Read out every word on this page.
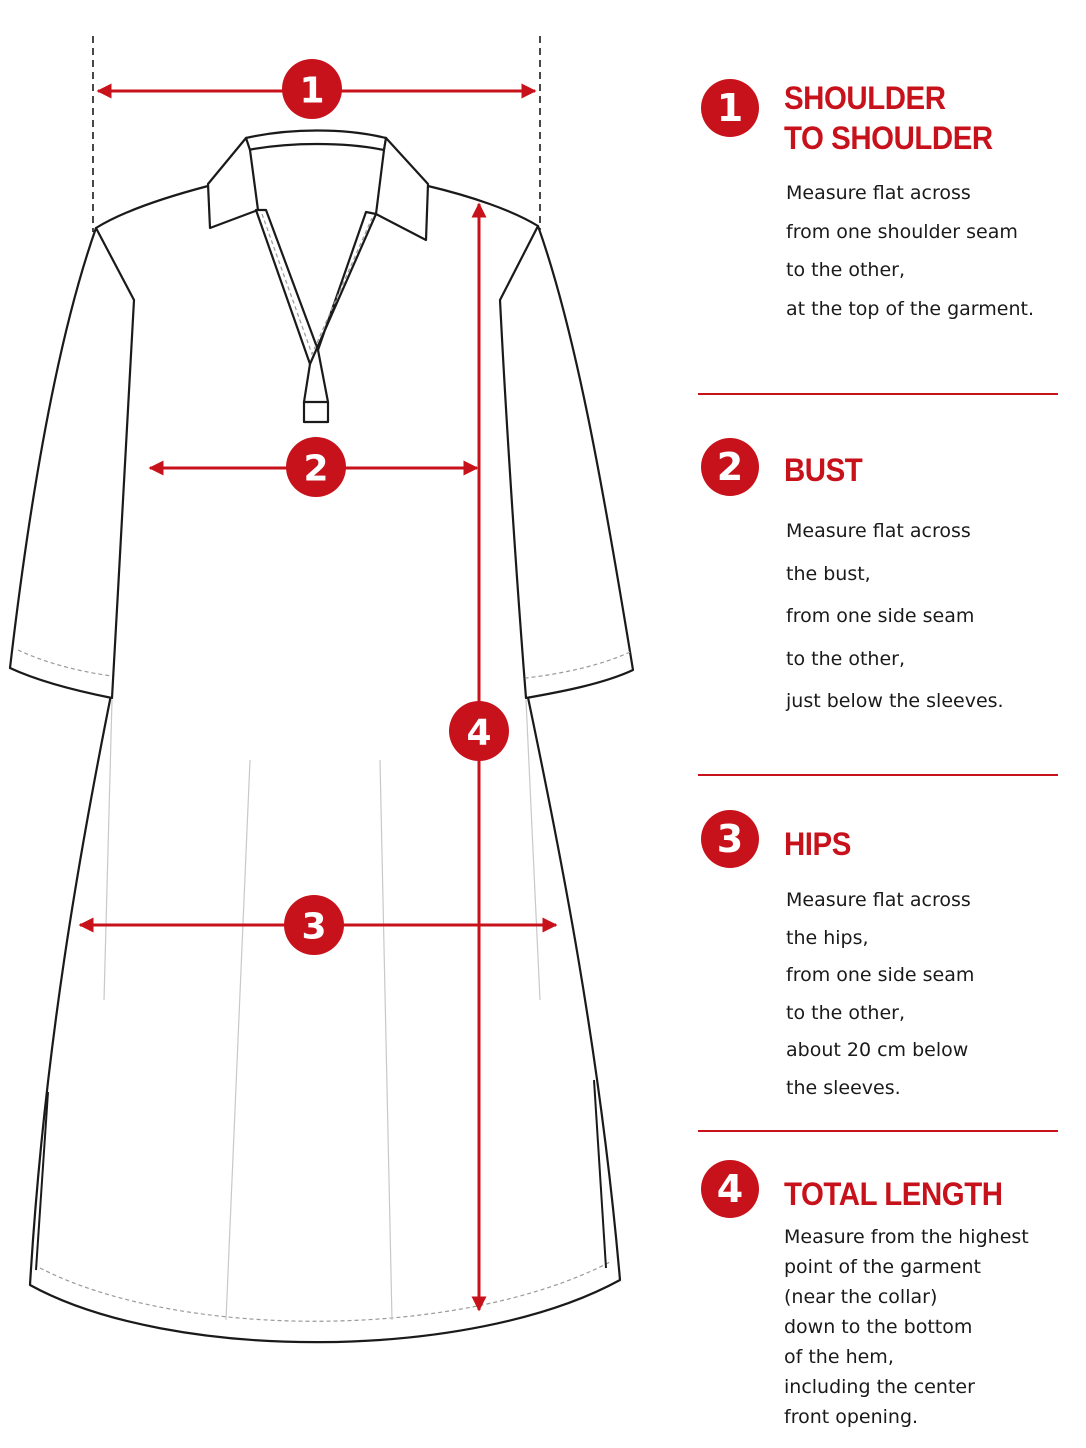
1
2
3
4
1	SHOULDER
TO SHOULDER
Measure flat across
from one shoulder seam
to the other,
at the top of the garment.
2	BUST
Measure flat across
the bust,
from one side seam
to the other,
just below the sleeves.
3	HIPS
Measure flat across
the hips,
from one side seam
to the other,
about 20 cm below
the sleeves.
4	TOTAL LENGTH
Measure from the highest
point of the garment
(near the collar)
down to the bottom
of the hem,
including the center
front opening.
